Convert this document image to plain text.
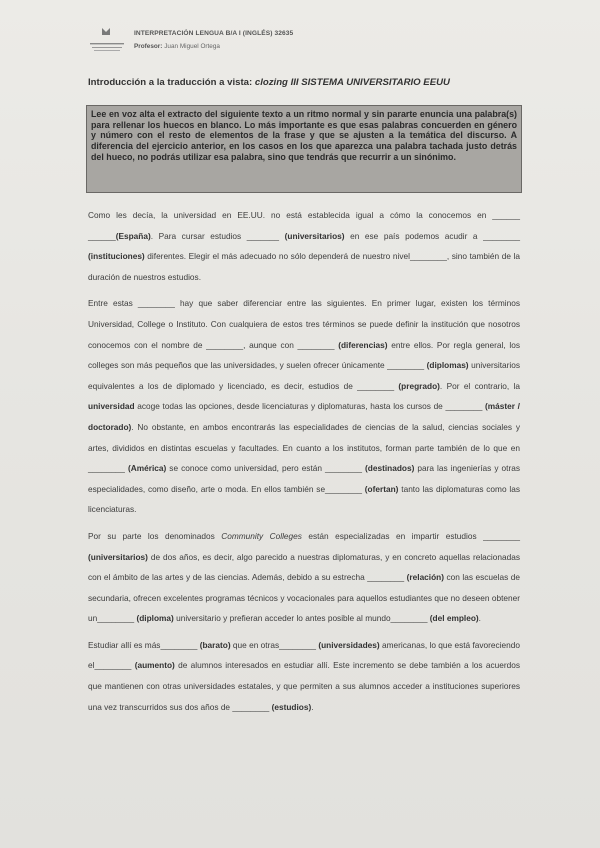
INTERPRETACIÓN LENGUA B/A I (INGLÉS) 32635
Profesor: Juan Miguel Ortega
Introducción a la traducción a vista: clozing III SISTEMA UNIVERSITARIO EEUU

Lee en voz alta el extracto del siguiente texto a un ritmo normal y sin pararte enuncia una palabra(s) para rellenar los huecos en blanco. Lo más importante es que esas palabras concuerden en género y número con el resto de elementos de la frase y que se ajusten a la temática del discurso. A diferencia del ejercicio anterior, en los casos en los que aparezca una palabra tachada justo detrás del hueco, no podrás utilizar esa palabra, sino que tendrás que recurrir a un sinónimo.

Como les decía, la universidad en EE.UU. no está establecida igual a cómo la conocemos en ______ ______(España). Para cursar estudios _______ (universitarios) en ese país podemos acudir a ________ (instituciones) diferentes. Elegir el más adecuado no sólo dependerá de nuestro nivel________, sino también de la duración de nuestros estudios.

Entre estas ________ hay que saber diferenciar entre las siguientes. En primer lugar, existen los términos Universidad, College o Instituto. Con cualquiera de estos tres términos se puede definir la institución que nosotros conocemos con el nombre de ________, aunque con ________ (diferencias) entre ellos. Por regla general, los colleges son más pequeños que las universidades, y suelen ofrecer únicamente ________ (diplomas) universitarios equivalentes a los de diplomado y licenciado, es decir, estudios de ________ (pregrado). Por el contrario, la universidad acoge todas las opciones, desde licenciaturas y diplomaturas, hasta los cursos de ________ (máster / doctorado). No obstante, en ambos encontrarás las especialidades de ciencias de la salud, ciencias sociales y artes, divididos en distintas escuelas y facultades. En cuanto a los institutos, forman parte también de lo que en ________ (América) se conoce como universidad, pero están ________ (destinados) para las ingenierías y otras especialidades, como diseño, arte o moda. En ellos también se________ (ofertan) tanto las diplomaturas como las licenciaturas.

Por su parte los denominados Community Colleges están especializadas en impartir estudios ________ (universitarios) de dos años, es decir, algo parecido a nuestras diplomaturas, y en concreto aquellas relacionadas con el ámbito de las artes y de las ciencias. Además, debido a su estrecha ________ (relación) con las escuelas de secundaria, ofrecen excelentes programas técnicos y vocacionales para aquellos estudiantes que no deseen obtener un________ (diploma) universitario y prefieran acceder lo antes posible al mundo________ (del empleo).

Estudiar allí es más________ (barato) que en otras________ (universidades) americanas, lo que está favoreciendo el________ (aumento) de alumnos interesados en estudiar allí. Este incremento se debe también a los acuerdos que mantienen con otras universidades estatales, y que permiten a sus alumnos acceder a instituciones superiores una vez transcurridos sus dos años de ________ (estudios).
